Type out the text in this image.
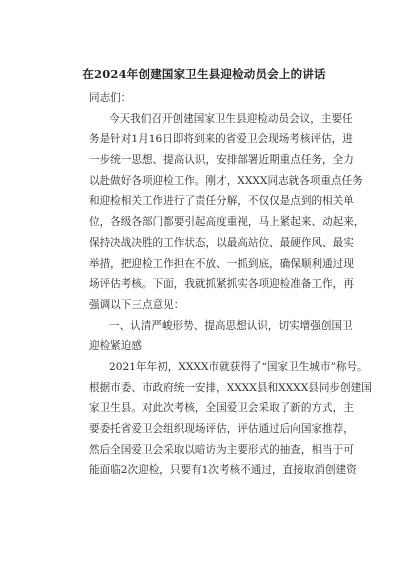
在2024年创建国家卫生县迎检动员会上的讲话
同志们：
今天我们召开创建国家卫生县迎检动员会议，主要任
务是针对1月16日即将到来的省爱卫会现场考核评估，进
一步统一思想、提高认识，安排部署近期重点任务，全力
以赴做好各项迎检工作。刚才，XXXX同志就各项重点任务
和迎检相关工作进行了责任分解，不仅仅是点到的相关单
位，各级各部门都要引起高度重视，马上紧起来、动起来，
保持决战决胜的工作状态，以最高站位、最硬作风、最实
举措，把迎检工作担在不放、一抓到底，确保顺利通过现
场评估考核。下面，我就抓紧抓实各项迎检准备工作，再
强调以下三点意见：
一、认清严峻形势、提高思想认识，切实增强创国卫
迎检紧迫感
2021年年初，XXXX市就获得了“国家卫生城市”称号。
根据市委、市政府统一安排，XXXX县和XXXX县同步创建国
家卫生县。对此次考核，全国爱卫会采取了新的方式，主
要委托省爱卫会组织现场评估，评估通过后向国家推荐，
然后全国爱卫会采取以暗访为主要形式的抽查，相当于可
能面临2次迎检，只要有1次考核不通过，直接取消创建资
